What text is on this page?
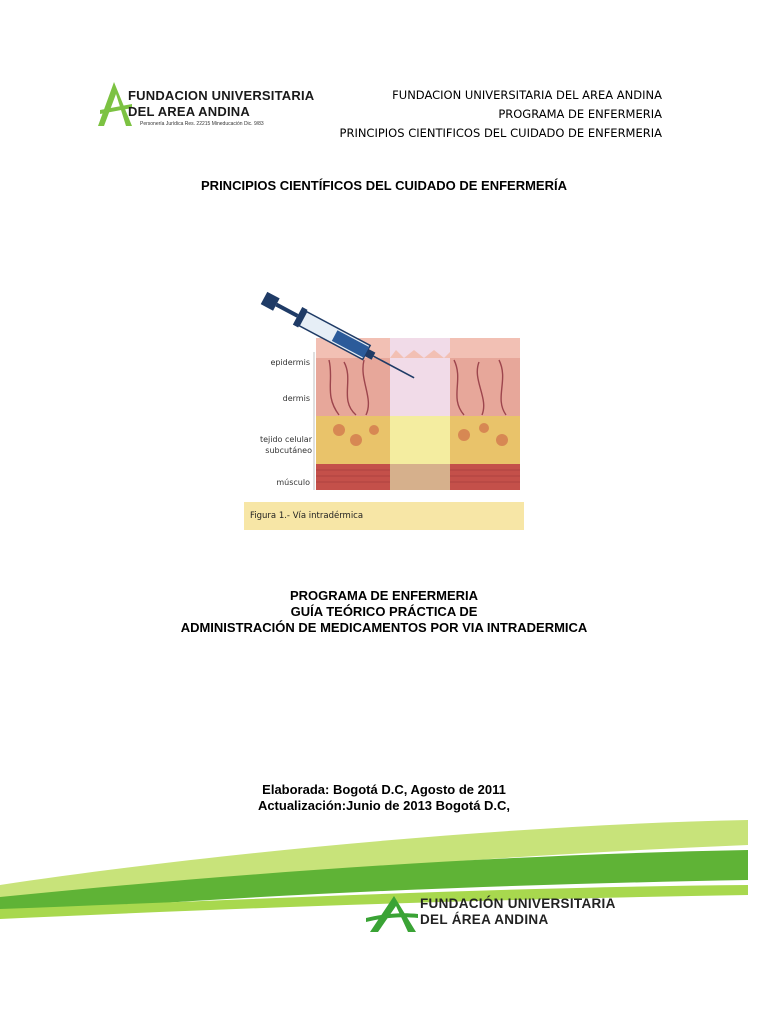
FUNDACION UNIVERSITARIA
DEL AREA ANDINA
Personería Jurídica Res. 22215 Mineducación Dic. 9/83
FUNDACION UNIVERSITARIA DEL AREA ANDINA
PROGRAMA DE ENFERMERIA
PRINCIPIOS CIENTIFICOS DEL CUIDADO DE ENFERMERIA
PRINCIPIOS CIENTÍFICOS DEL CUIDADO DE ENFERMERÍA
epidermis
dermis
tejido celular
subcutáneo
músculo
Figura 1.- Vía intradérmica
PROGRAMA DE ENFERMERIA
GUÍA TEÓRICO PRÁCTICA DE
ADMINISTRACIÓN DE MEDICAMENTOS POR VIA INTRADERMICA
Elaborada: Bogotá D.C, Agosto de 2011
Actualización:Junio de 2013 Bogotá D.C,
FUNDACIÓN UNIVERSITARIA
DEL ÁREA ANDINA
